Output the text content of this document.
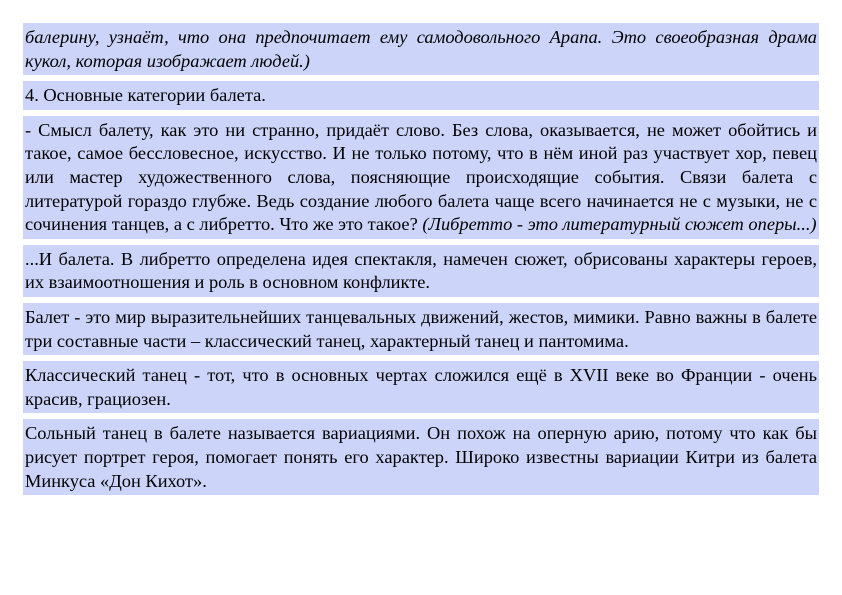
балерину, узнаёт, что она предпочитает ему самодовольного Арапа. Это своеобразная драма кукол, которая изображает людей.)
4. Основные категории балета.
- Смысл балету, как это ни странно, придаёт слово. Без слова, оказывается, не может обойтись и такое, самое бессловесное, искусство. И не только потому, что в нём иной раз участвует хор, певец или мастер художественного слова, поясняющие происходящие события. Связи балета с литературой гораздо глубже. Ведь создание любого балета чаще всего начинается не с музыки, не с сочинения танцев, а с либретто. Что же это такое? (Либретто - это литературный сюжет оперы...)
...И балета. В либретто определена идея спектакля, намечен сюжет, обрисованы характеры героев, их взаимоотношения и роль в основном конфликте.
Балет - это мир выразительнейших танцевальных движений, жестов, мимики. Равно важны в балете три составные части – классический танец, характерный танец и пантомима.
Классический танец - тот, что в основных чертах сложился ещё в XVII веке во Франции - очень красив, грациозен.
Сольный танец в балете называется вариациями. Он похож на оперную арию, потому что как бы рисует портрет героя, помогает понять его характер. Широко известны вариации Китри из балета Минкуса «Дон Кихот».
